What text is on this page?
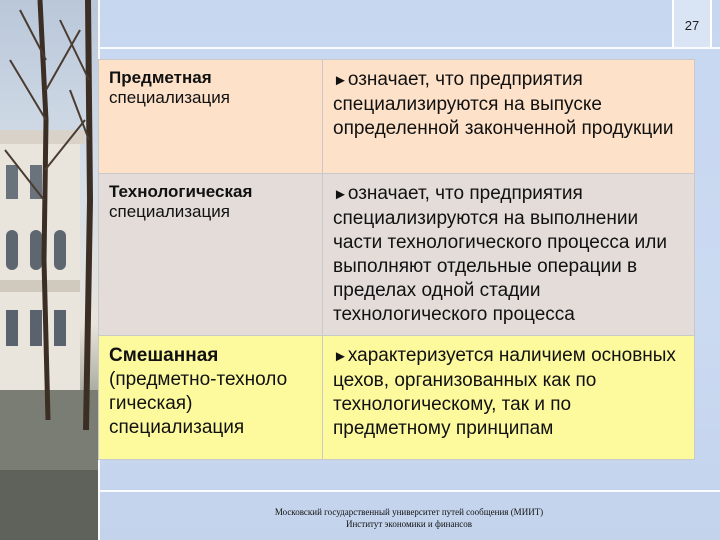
27
Предметная
специализация	►означает, что предприятия специализируются на выпуске определенной законченной продукции

Технологическая
специализация	►означает, что предприятия специализируются на выполнении части технологического процесса или выполняют отдельные операции в пределах одной стадии технологического процесса

Смешанная
(предметно-техноло гическая) специализация	►характеризуется наличием основных цехов, организованных как по технологическому, так и по предметному принципам
Московский государственный университет путей сообщения (МИИТ)
Институт экономики и финансов
